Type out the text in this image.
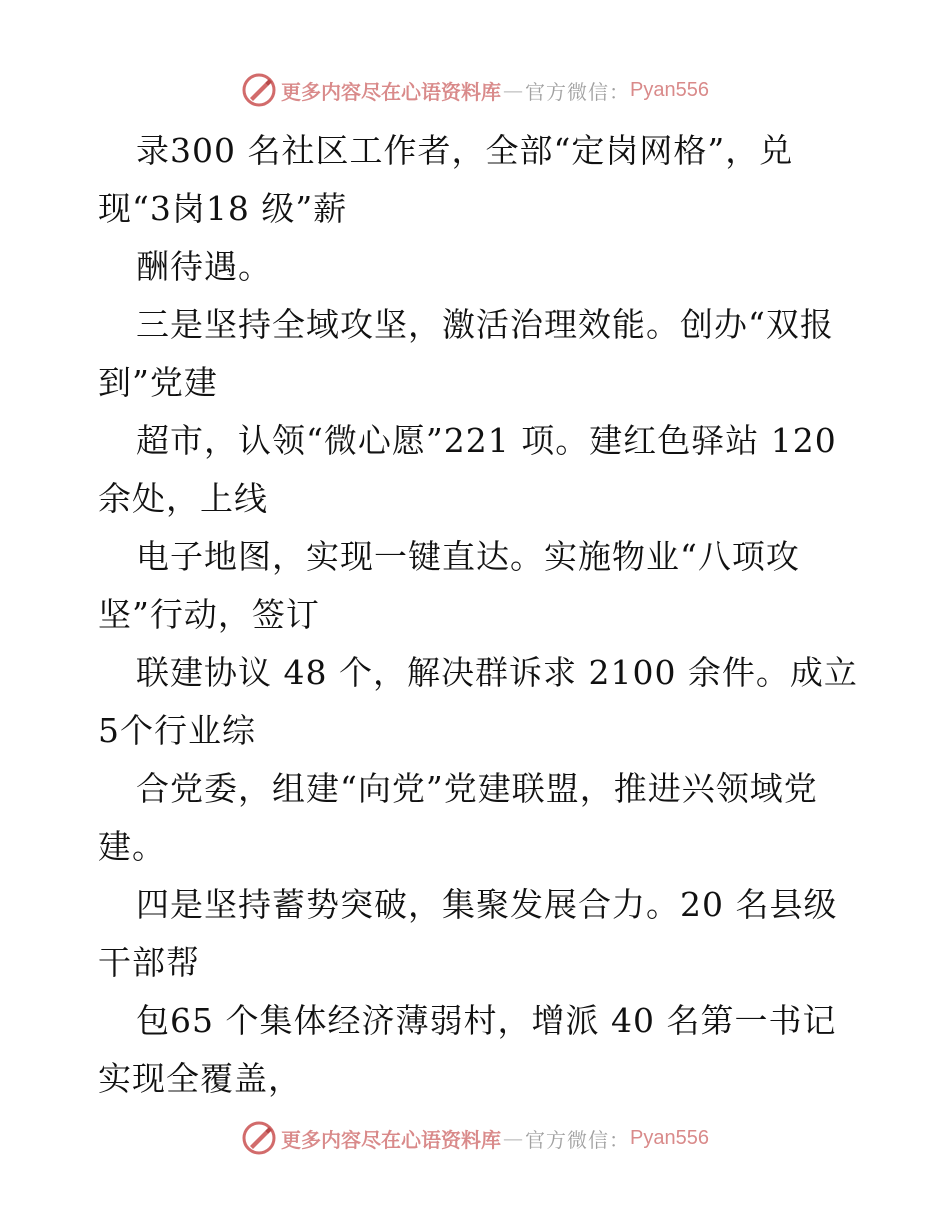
更多内容尽在心语资料库 — 官方微信： Pyan556
录300 名社区工作者，全部“定岗网格”，兑
现“3岗18 级”薪
酬待遇。
三是坚持全域攻坚，激活治理效能。创办“双报
到”党建
超市，认领“微心愿”221 项。建红色驿站 120
余处，上线
电子地图，实现一键直达。实施物业“八项攻
坚”行动，签订
联建协议 48 个，解决群诉求 2100 余件。成立
5个行业综
合党委，组建“向党”党建联盟，推进兴领域党
建。
四是坚持蓄势突破，集聚发展合力。20 名县级
干部帮
包65 个集体经济薄弱村，增派 40 名第一书记
实现全覆盖，
更多内容尽在心语资料库 — 官方微信： Pyan556
